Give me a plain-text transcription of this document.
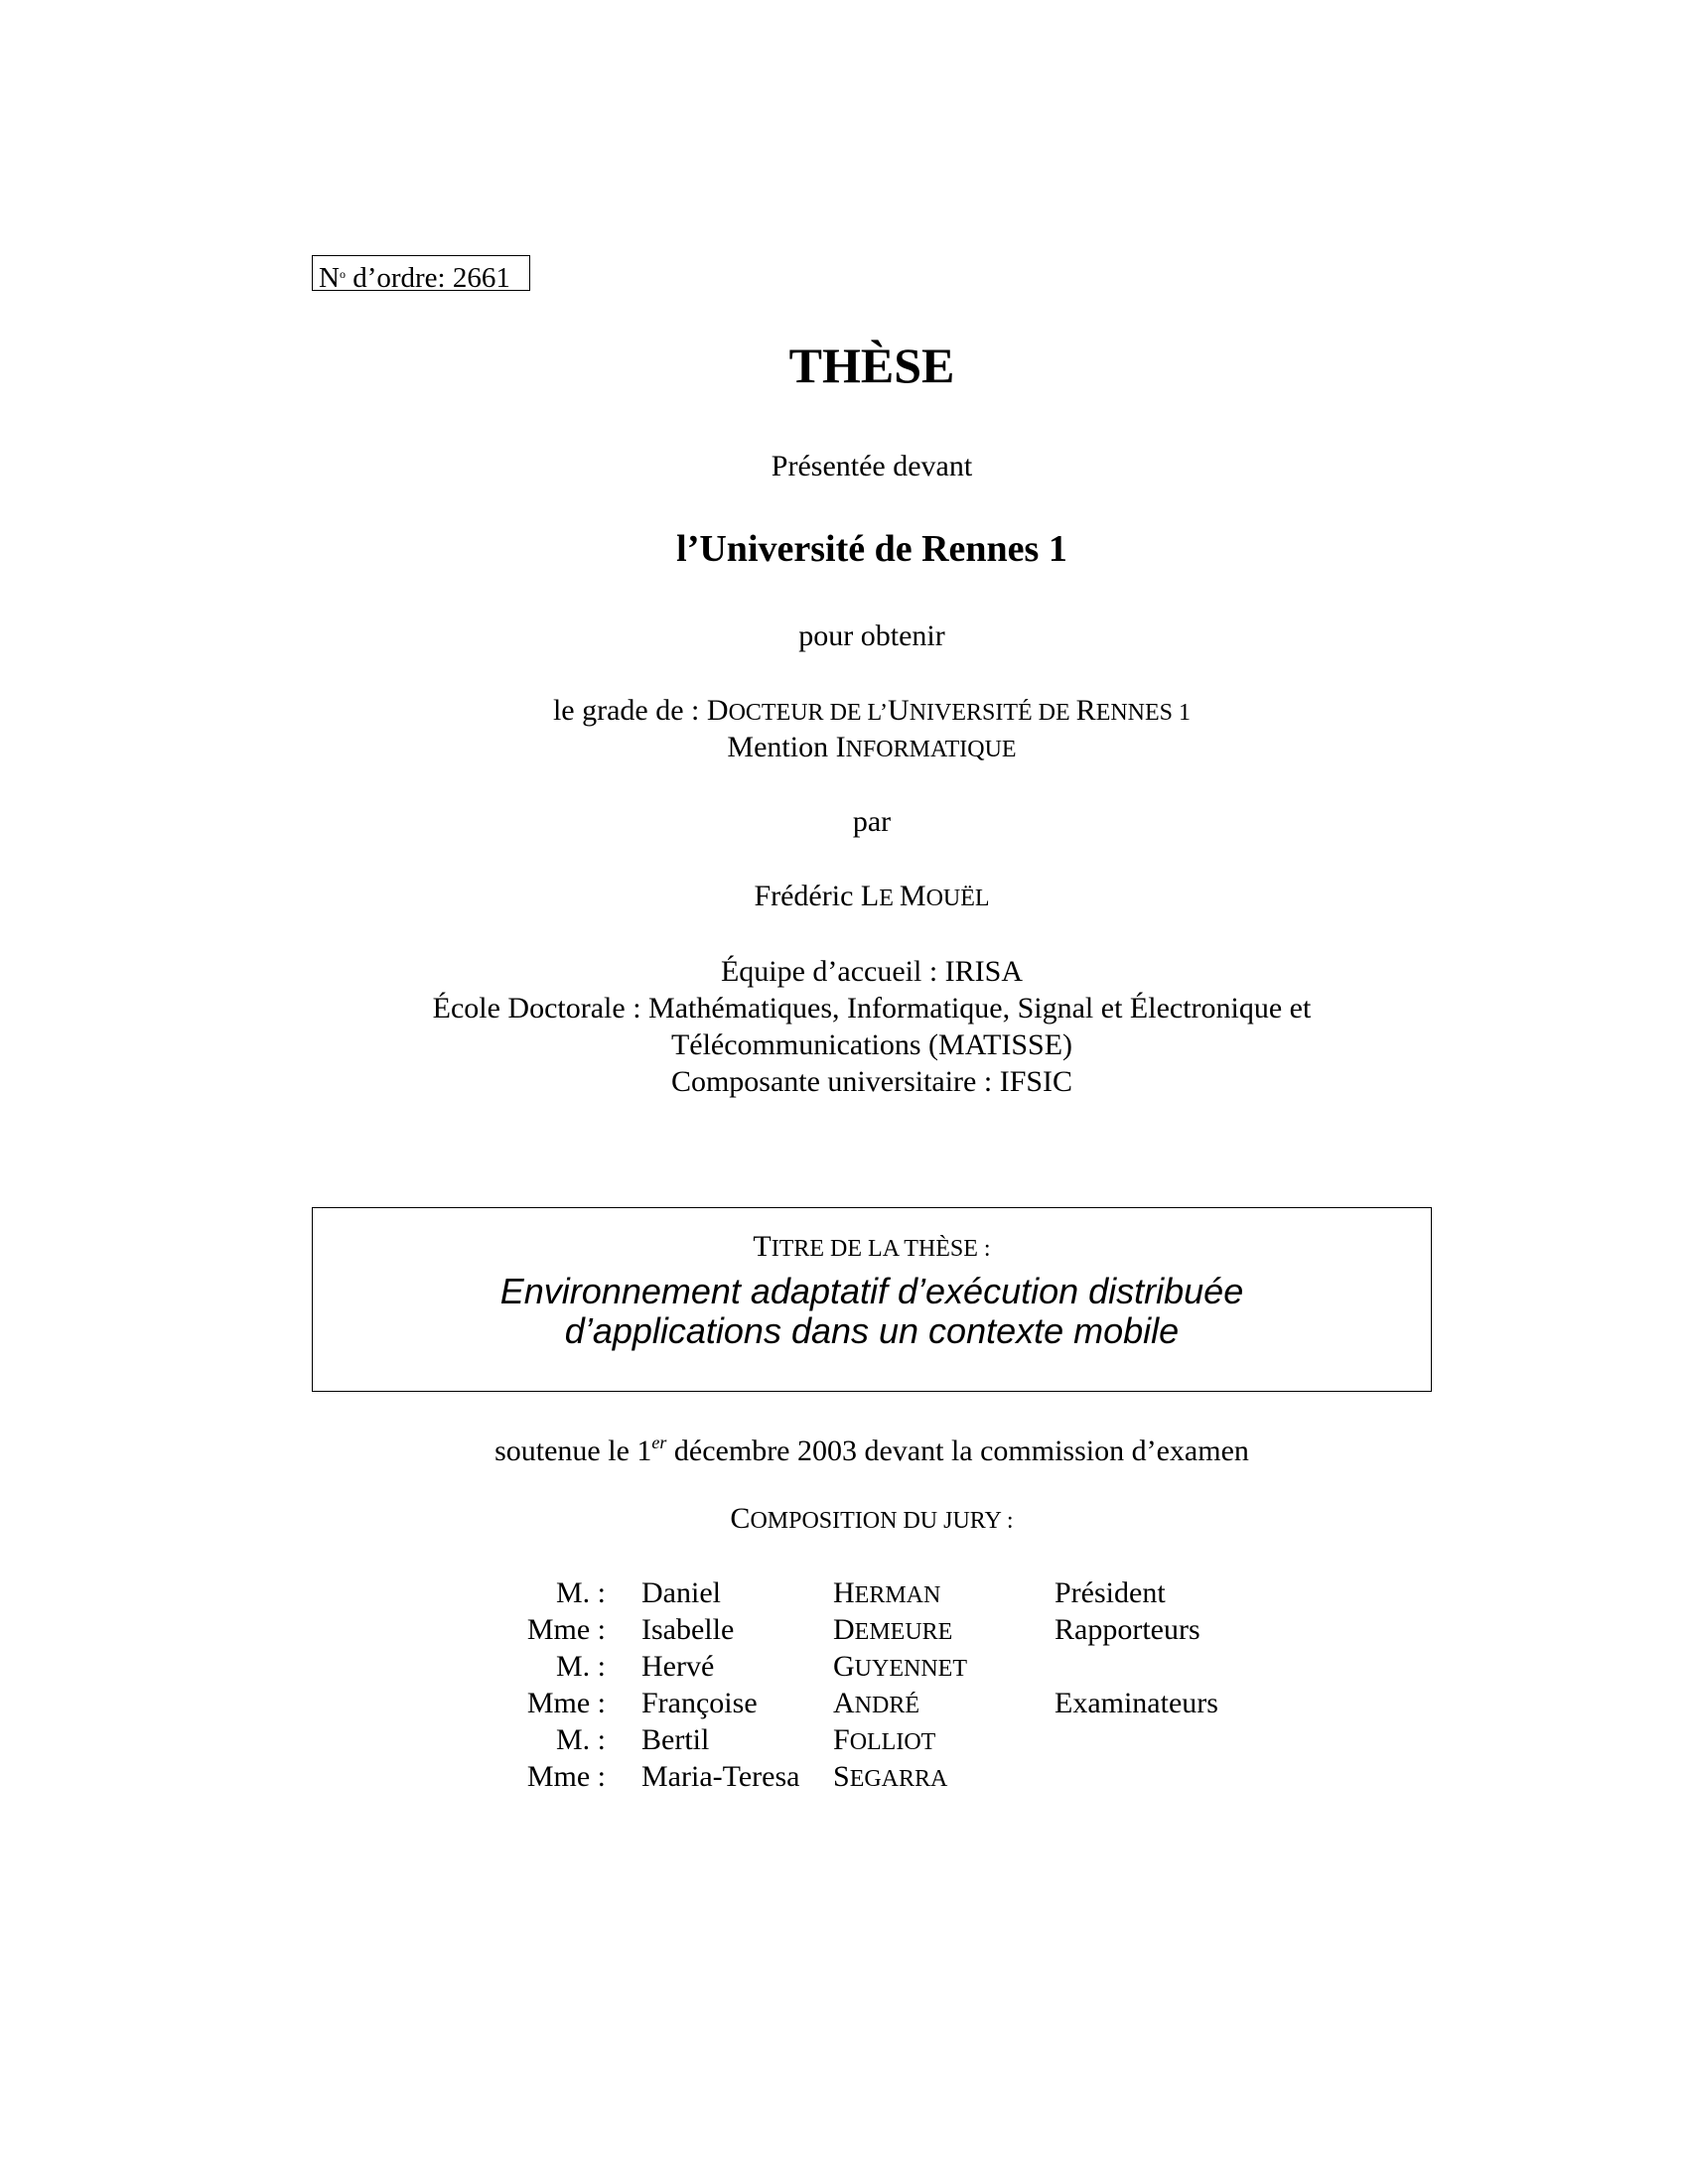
$N^o$ d’ordre: 2661
THÈSE
Présentée devant
l’Université de Rennes 1
pour obtenir
le grade de : DOCTEUR DE L’UNIVERSITÉ DE RENNES 1
Mention INFORMATIQUE
par
Frédéric LE MOUËL
Équipe d’accueil : IRISA
École Doctorale : Mathématiques, Informatique, Signal et Électronique et
Télécommunications (MATISSE)
Composante universitaire : IFSIC
TITRE DE LA THÈSE :
Environnement adaptatif d’exécution distribuée
d’applications dans un contexte mobile
soutenue le 1er décembre 2003 devant la commission d’examen
COMPOSITION DU JURY :
M. : Daniel	HERMAN	Président
Mme : Isabelle	DEMEURE	Rapporteurs
M. : Hervé	GUYENNET
Mme : Françoise	ANDRÉ	Examinateurs
M. : Bertil	FOLLIOT
Mme : Maria-Teresa SEGARRA
